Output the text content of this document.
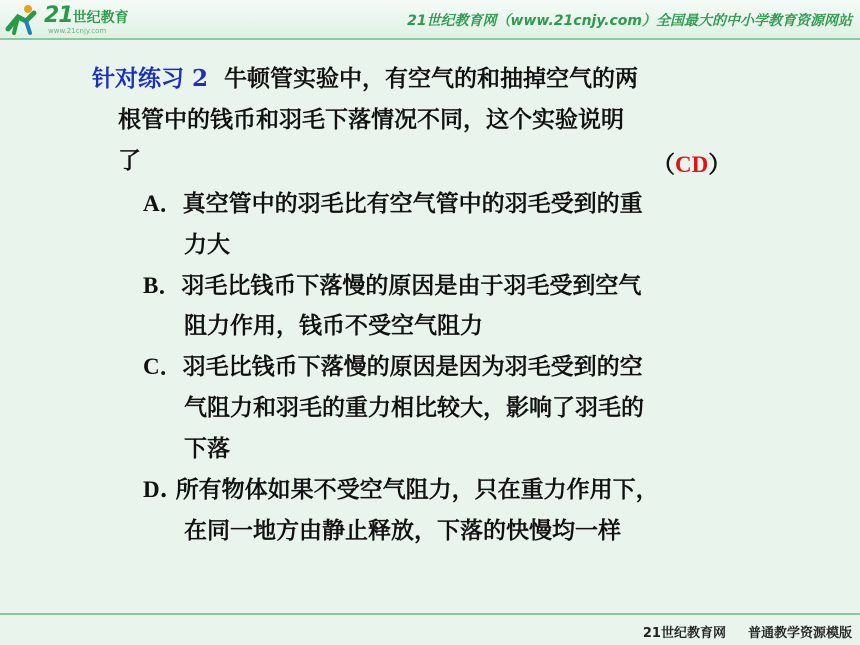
21世纪教育
www.21cnjy.com
21世纪教育网（www.21cnjy.com）全国最大的中小学教育资源网站
针对练习 2 牛顿管实验中，有空气的和抽掉空气的两
根管中的钱币和羽毛下落情况不同，这个实验说明
了	（CD）
A．真空管中的羽毛比有空气管中的羽毛受到的重
力大
B．羽毛比钱币下落慢的原因是由于羽毛受到空气
阻力作用，钱币不受空气阻力
C．羽毛比钱币下落慢的原因是因为羽毛受到的空
气阻力和羽毛的重力相比较大，影响了羽毛的
下落
D. 所有物体如果不受空气阻力，只在重力作用下，
在同一地方由静止释放，下落的快慢均一样
21世纪教育网 普通教学资源模版
